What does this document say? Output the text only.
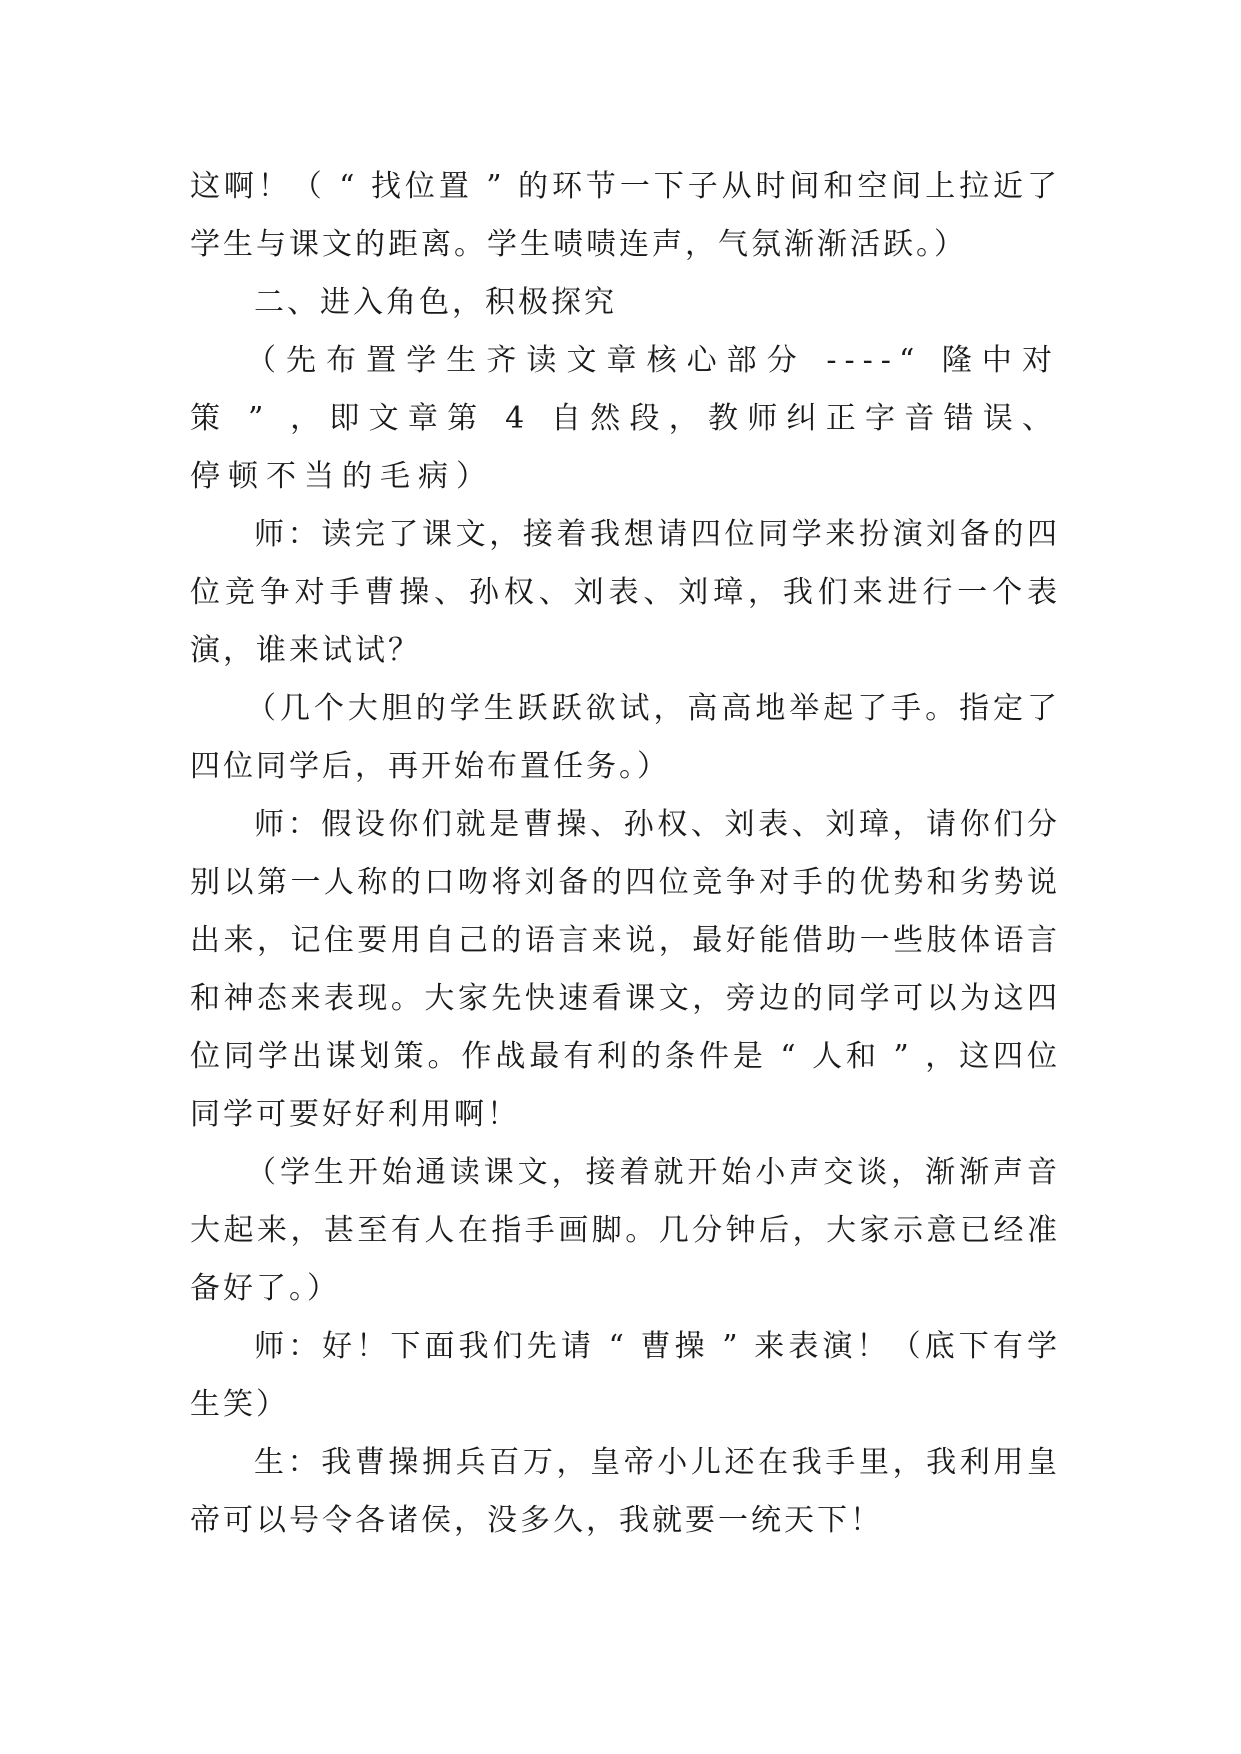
这啊！（ “ 找位置 ” 的环节一下子从时间和空间上拉近了学生与课文的距离。学生啧啧连声，气氛渐渐活跃。）

二、进入角色，积极探究

（先布置学生齐读文章核心部分 ----“ 隆中对策 ” ，即文章第 4 自然段，教师纠正字音错误、停顿不当的毛病）

师：读完了课文，接着我想请四位同学来扮演刘备的四位竞争对手曹操、孙权、刘表、刘璋，我们来进行一个表演，谁来试试？

（几个大胆的学生跃跃欲试，高高地举起了手。指定了四位同学后，再开始布置任务。）

师：假设你们就是曹操、孙权、刘表、刘璋，请你们分别以第一人称的口吻将刘备的四位竞争对手的优势和劣势说出来，记住要用自己的语言来说，最好能借助一些肢体语言和神态来表现。大家先快速看课文，旁边的同学可以为这四位同学出谋划策。作战最有利的条件是 “ 人和 ” ，这四位同学可要好好利用啊！

（学生开始通读课文，接着就开始小声交谈，渐渐声音大起来，甚至有人在指手画脚。几分钟后，大家示意已经准备好了。）

师：好！下面我们先请 “ 曹操 ” 来表演！（底下有学生笑）

生：我曹操拥兵百万，皇帝小儿还在我手里，我利用皇帝可以号令各诸侯，没多久，我就要一统天下！
